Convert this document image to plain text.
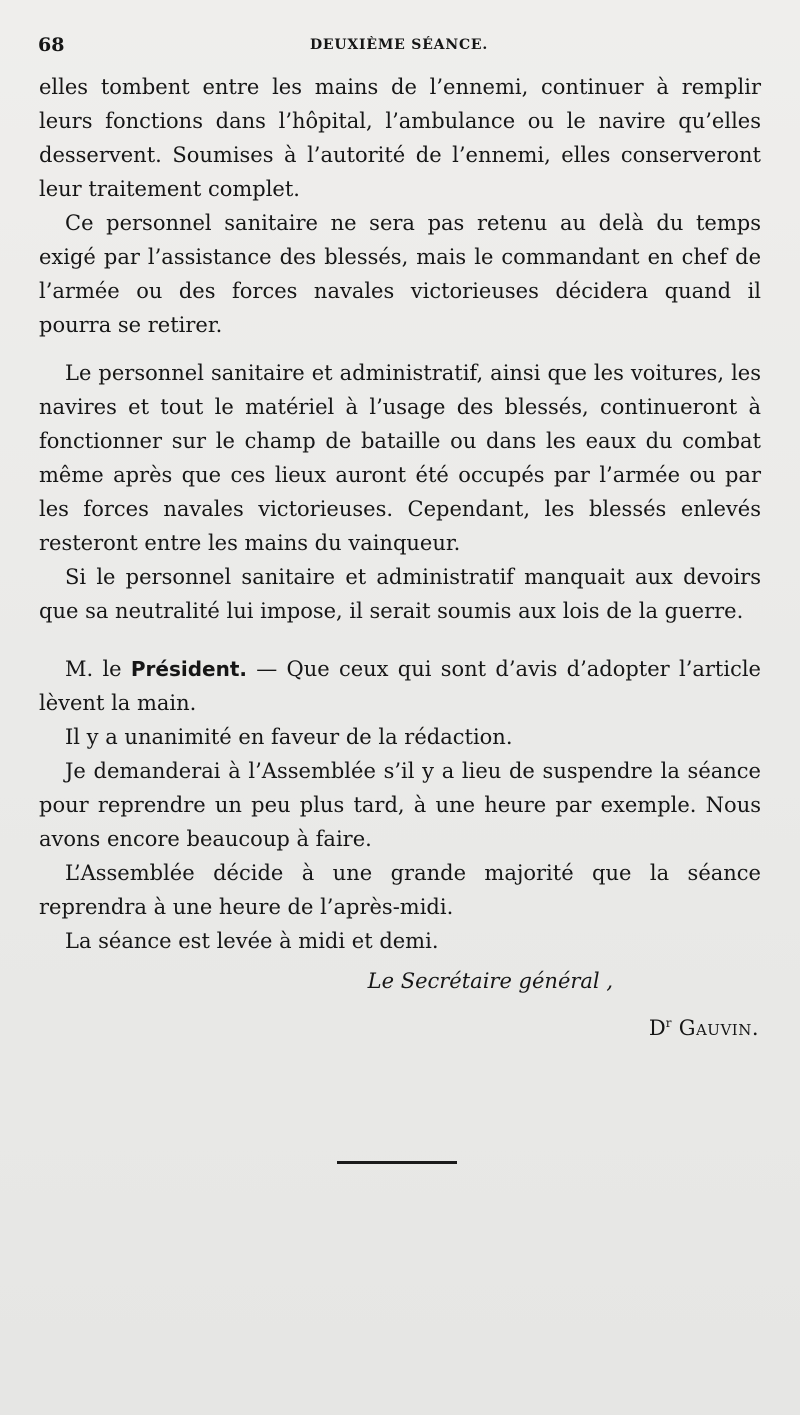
68	DEUXIÈME SÉANCE.

elles tombent entre les mains de l’ennemi, continuer à remplir leurs fonctions dans l’hôpital, l’ambulance ou le navire qu’elles desservent. Soumises à l’autorité de l’ennemi, elles conserveront leur traitement complet.

Ce personnel sanitaire ne sera pas retenu au delà du temps exigé par l’assistance des blessés, mais le commandant en chef de l’armée ou des forces navales victorieuses décidera quand il pourra se retirer.

Le personnel sanitaire et administratif, ainsi que les voitures, les navires et tout le matériel à l’usage des blessés, continueront à fonctionner sur le champ de bataille ou dans les eaux du combat même après que ces lieux auront été occupés par l’armée ou par les forces navales victorieuses. Cependant, les blessés enlevés resteront entre les mains du vainqueur.

Si le personnel sanitaire et administratif manquait aux devoirs que sa neutralité lui impose, il serait soumis aux lois de la guerre.

M. le Président. — Que ceux qui sont d’avis d’adopter l’article lèvent la main.

Il y a unanimité en faveur de la rédaction.

Je demanderai à l’Assemblée s’il y a lieu de suspendre la séance pour reprendre un peu plus tard, à une heure par exemple. Nous avons encore beaucoup à faire.

L’Assemblée décide à une grande majorité que la séance reprendra à une heure de l’après-midi.

La séance est levée à midi et demi.

Le Secrétaire général ,
$D^r$ Gauvin.
